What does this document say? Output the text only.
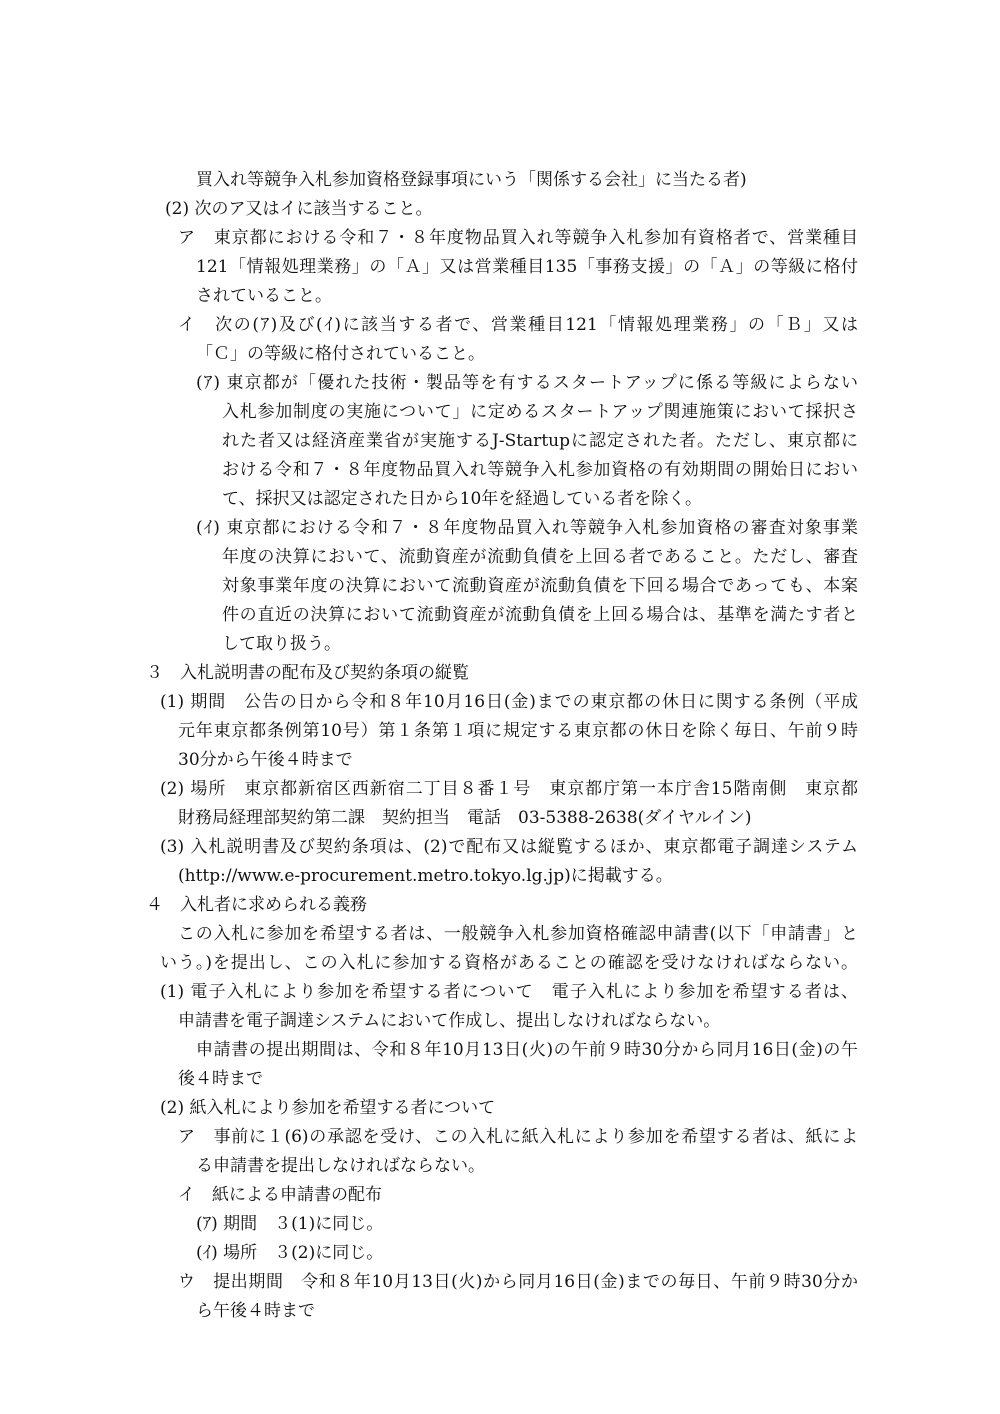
買入れ等競争入札参加資格登録事項にいう「関係する会社」に当たる者)
(2) 次のア又はイに該当すること。
ア　東京都における令和７・８年度物品買入れ等競争入札参加有資格者で、営業種目
121「情報処理業務」の「Ａ」又は営業種目135「事務支援」の「Ａ」の等級に格付
されていること。
イ　次の(ｱ)及び(ｲ)に該当する者で、営業種目121「情報処理業務」の「Ｂ」又は
「Ｃ」の等級に格付されていること。
(ｱ) 東京都が「優れた技術・製品等を有するスタートアップに係る等級によらない
入札参加制度の実施について」に定めるスタートアップ関連施策において採択さ
れた者又は経済産業省が実施するJ-Startupに認定された者。ただし、東京都に
おける令和７・８年度物品買入れ等競争入札参加資格の有効期間の開始日におい
て、採択又は認定された日から10年を経過している者を除く。
(ｲ) 東京都における令和７・８年度物品買入れ等競争入札参加資格の審査対象事業
年度の決算において、流動資産が流動負債を上回る者であること。ただし、審査
対象事業年度の決算において流動資産が流動負債を下回る場合であっても、本案
件の直近の決算において流動資産が流動負債を上回る場合は、基準を満たす者と
して取り扱う。
３　入札説明書の配布及び契約条項の縦覧
(1) 期間　公告の日から令和８年10月16日(金)までの東京都の休日に関する条例（平成
元年東京都条例第10号）第１条第１項に規定する東京都の休日を除く毎日、午前９時
30分から午後４時まで
(2) 場所　東京都新宿区西新宿二丁目８番１号　東京都庁第一本庁舎15階南側　東京都
財務局経理部契約第二課　契約担当　電話　03-5388-2638(ダイヤルイン)
(3) 入札説明書及び契約条項は、(2)で配布又は縦覧するほか、東京都電子調達システム
(http://www.e-procurement.metro.tokyo.lg.jp)に掲載する。
４　入札者に求められる義務
この入札に参加を希望する者は、一般競争入札参加資格確認申請書(以下「申請書」と
いう。)を提出し、この入札に参加する資格があることの確認を受けなければならない。
(1) 電子入札により参加を希望する者について　電子入札により参加を希望する者は、
申請書を電子調達システムにおいて作成し、提出しなければならない。
申請書の提出期間は、令和８年10月13日(火)の午前９時30分から同月16日(金)の午
後４時まで
(2) 紙入札により参加を希望する者について
ア　事前に１(6)の承認を受け、この入札に紙入札により参加を希望する者は、紙によ
る申請書を提出しなければならない。
イ　紙による申請書の配布
(ｱ) 期間　３(1)に同じ。
(ｲ) 場所　３(2)に同じ。
ウ　提出期間　令和８年10月13日(火)から同月16日(金)までの毎日、午前９時30分か
ら午後４時まで
